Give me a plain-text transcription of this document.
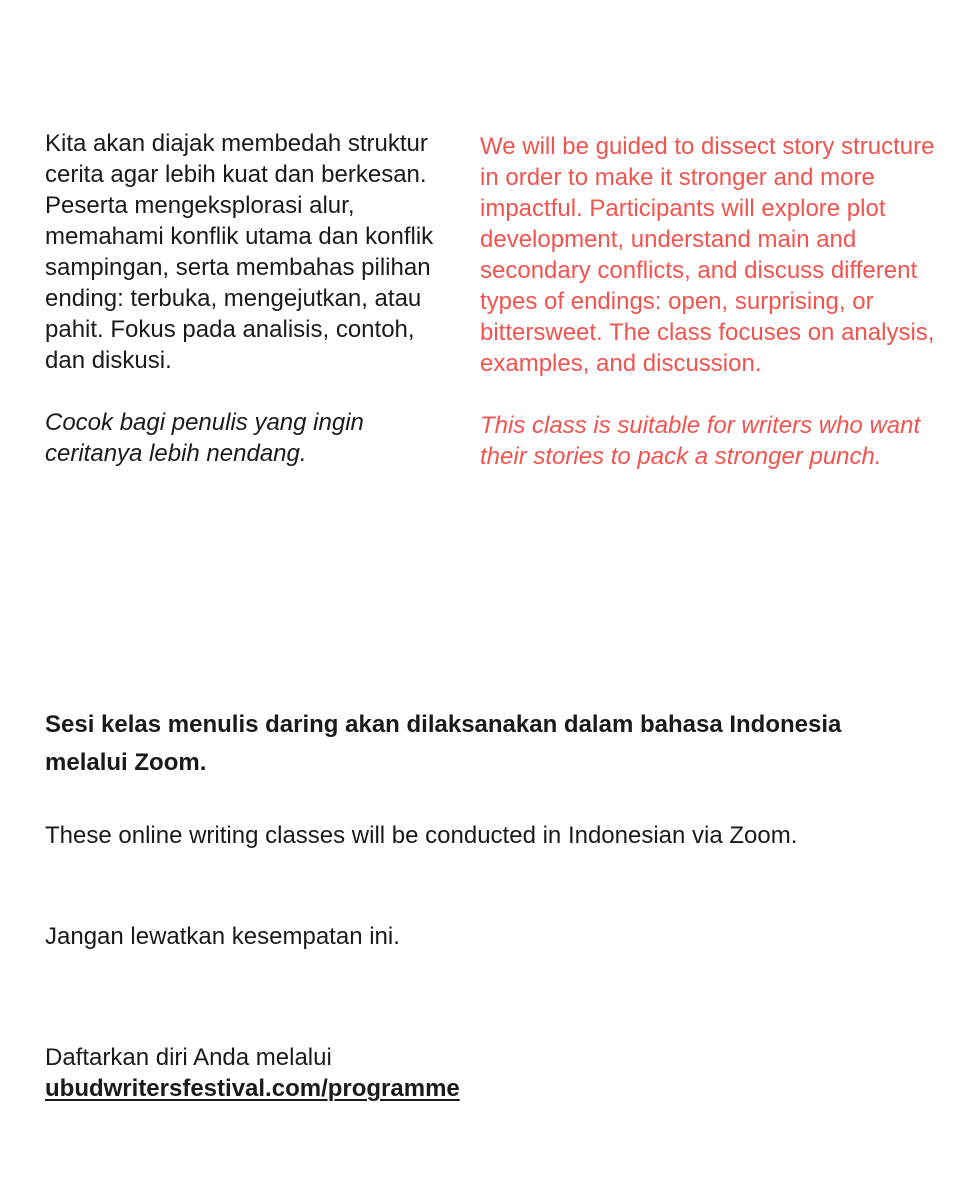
Kita akan diajak membedah struktur cerita agar lebih kuat dan berkesan. Peserta mengeksplorasi alur, memahami konflik utama dan konflik sampingan, serta membahas pilihan ending: terbuka, mengejutkan, atau pahit. Fokus pada analisis, contoh, dan diskusi.

Cocok bagi penulis yang ingin ceritanya lebih nendang.

We will be guided to dissect story structure in order to make it stronger and more impactful. Participants will explore plot development, understand main and secondary conflicts, and discuss different types of endings: open, surprising, or bittersweet. The class focuses on analysis, examples, and discussion.

This class is suitable for writers who want their stories to pack a stronger punch.

Sesi kelas menulis daring akan dilaksanakan dalam bahasa Indonesia melalui Zoom.

These online writing classes will be conducted in Indonesian via Zoom.

Jangan lewatkan kesempatan ini.

Daftarkan diri Anda melalui
ubudwritersfestival.com/programme
